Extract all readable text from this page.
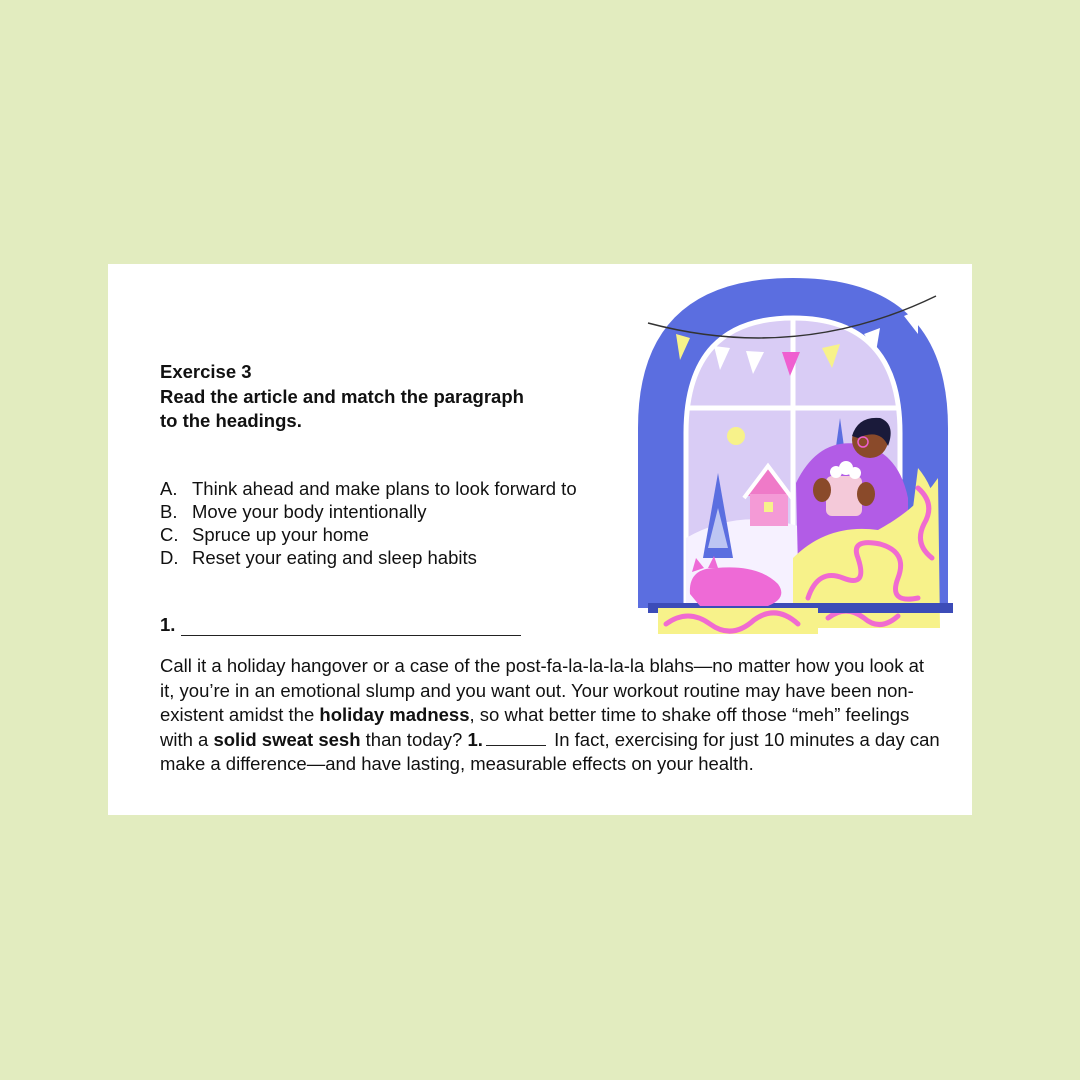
Exercise 3
Read the article and match the paragraph
to the headings.
A. Think ahead and make plans to look forward to
B. Move your body intentionally
C. Spruce up your home
D. Reset your eating and sleep habits
1.

Call it a holiday hangover or a case of the post-fa-la-la-la-la blahs—no matter how you look at it, you’re in an emotional slump and you want out. Your workout routine may have been non-existent amidst the holiday madness, so what better time to shake off those “meh” feelings with a solid sweat sesh than today? 1.	In fact, exercising for just 10 minutes a day can make a difference—and have lasting, measurable effects on your health.
